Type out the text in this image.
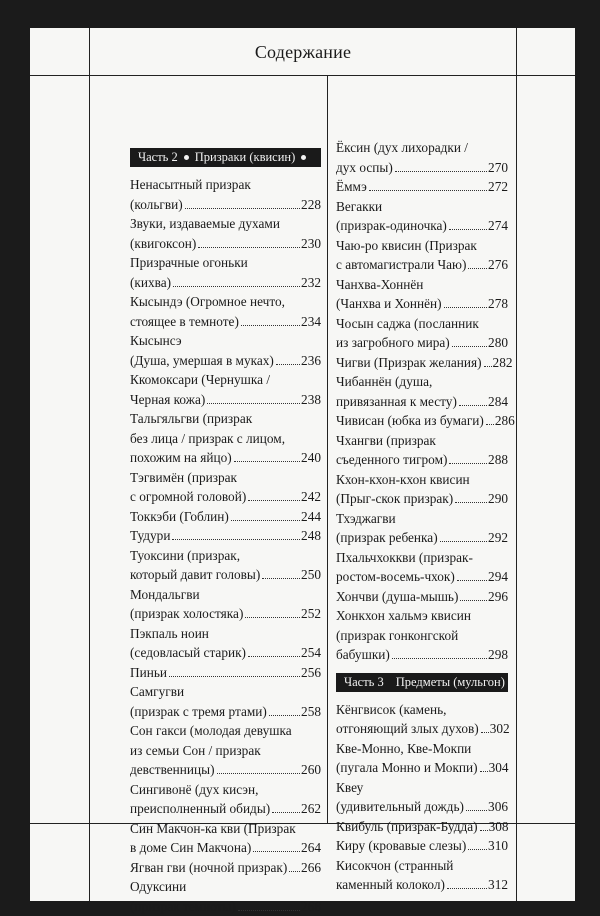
Содержание
Часть 2 Призраки (квисин)
Ненасытный призрак
(кольгви)	228
Звуки, издаваемые духами
(квигоксон)	230
Призрачные огоньки
(кихва)	232
Кысындэ (Огромное нечто,
стоящее в темноте)	234
Кысынсэ
(Душа, умершая в муках) 236
Ккомоксари (Чернушка /
Черная кожа)	238
Тальгяльгви (призрак
без лица / призрак с лицом,
похожим на яйцо)	240
Тэгвимён (призрак
с огромной головой)	242
Токкэби (Гоблин)	244
Тудури	248
Туоксини (призрак,
который давит головы)	250
Мондальгви
(призрак холостяка)	252
Пэкпаль ноин
(седовласый старик)	254
Пиньи	256
Самгугви
(призрак с тремя ртами)	258
Сон гакси (молодая девушка
из семьи Сон / призрак
девственницы)	260
Сингивонё (дух кисэн,
преисполненный обиды) 262
Син Макчон-ка кви (Призрак
в доме Син Макчона)	264
Ягван гви (ночной призрак) 266
Одуксини
(призрак темноты)	268
Ёксин (дух лихорадки /
дух оспы)	270
Ёммэ	272
Вегакки
(призрак-одиночка)	274
Чаю-ро квисин (Призрак
с автомагистрали Чаю) 276
Чанхва-Хоннён
(Чанхва и Хоннён)	278
Чосын саджа (посланник
из загробного мира)	280
Чигви (Призрак желания) 282
Чибаннён (душа,
привязанная к месту) 284
Чивисан (юбка из бумаги) 286
Чхангви (призрак
съеденного тигром)	288
Кхон-кхон-кхон квисин
(Прыг-скок призрак)	290
Тхэджагви
(призрак ребенка)	292
Пхальчхоккви (призрак-
ростом-восемь-чхок) 294
Хончви (душа-мышь) 296
Хонкхон хальмэ квисин
(призрак гонконгской
бабушки)	298
Часть 3 Предметы (мульгон)
Кёнгвисок (камень,
отгоняющий злых духов) 302
Кве-Монно, Кве-Мокпи
(пугала Монно и Мокпи) 304
Квеу
(удивительный дождь) 306
Квибуль (призрак-Будда) 308
Киру (кровавые слезы) 310
Кисокчон (странный
каменный колокол)	312
